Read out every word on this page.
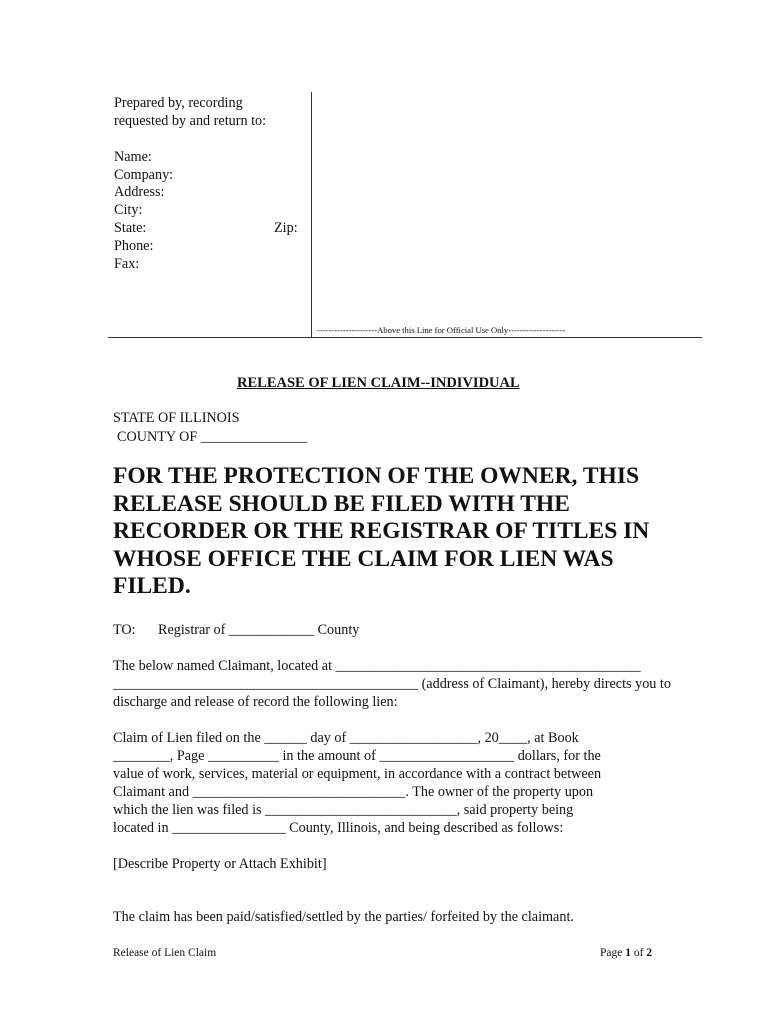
Prepared by, recording
requested by and return to:
Name:
Company:
Address:
City:
State:	Zip:
Phone:
Fax:
---------------------Above this Line for Official Use Only--------------------
RELEASE OF LIEN CLAIM--INDIVIDUAL
STATE OF ILLINOIS
COUNTY OF _______________
FOR THE PROTECTION OF THE OWNER, THIS
RELEASE SHOULD BE FILED WITH THE
RECORDER OR THE REGISTRAR OF TITLES IN
WHOSE OFFICE THE CLAIM FOR LIEN WAS
FILED.
TO: Registrar of ____________ County
The below named Claimant, located at ___________________________________________
___________________________________________ (address of Claimant), hereby directs you to
discharge and release of record the following lien:
Claim of Lien filed on the ______ day of __________________, 20____, at Book
________, Page __________ in the amount of ___________________ dollars, for the
value of work, services, material or equipment, in accordance with a contract between
Claimant and ______________________________. The owner of the property upon
which the lien was filed is ___________________________, said property being
located in ________________ County, Illinois, and being described as follows:
[Describe Property or Attach Exhibit]
The claim has been paid/satisfied/settled by the parties/ forfeited by the claimant.
Release of Lien Claim	Page 1 of 2
